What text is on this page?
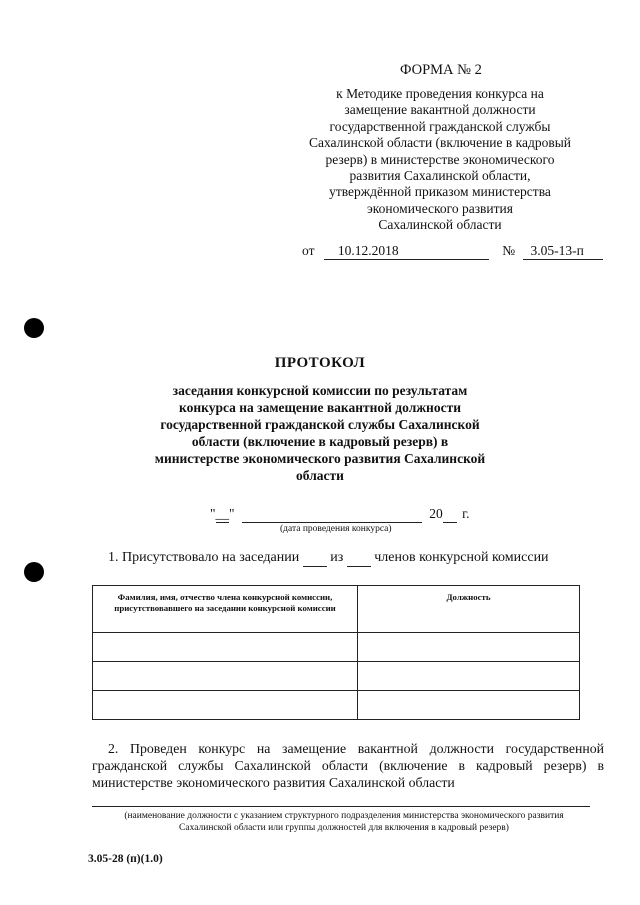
ФОРМА № 2
к Методике проведения конкурса на
замещение вакантной должности
государственной гражданской службы
Сахалинской области (включение в кадровый
резерв) в министерстве экономического
развития Сахалинской области,
утверждённой приказом министерства
экономического развития
Сахалинской области
от 10.12.2018	№ 3.05-13-п
ПРОТОКОЛ
заседания конкурсной комиссии по результатам
конкурса на замещение вакантной должности
государственной гражданской службы Сахалинской
области (включение в кадровый резерв) в
министерстве экономического развития Сахалинской
области
"__"	20 г.
(дата проведения конкурса)
1. Присутствовало на заседании из членов конкурсной комиссии
Фамилия, имя, отчество члена конкурсной комиссии, присутствовавшего на заседании конкурсной комиссии	Должность

2. Проведен конкурс на замещение вакантной должности государственной гражданской службы Сахалинской области (включение в кадровый резерв) в министерстве экономического развития Сахалинской области
(наименование должности с указанием структурного подразделения министерства экономического развития
Сахалинской области или группы должностей для включения в кадровый резерв)
3.05-28 (п)(1.0)
